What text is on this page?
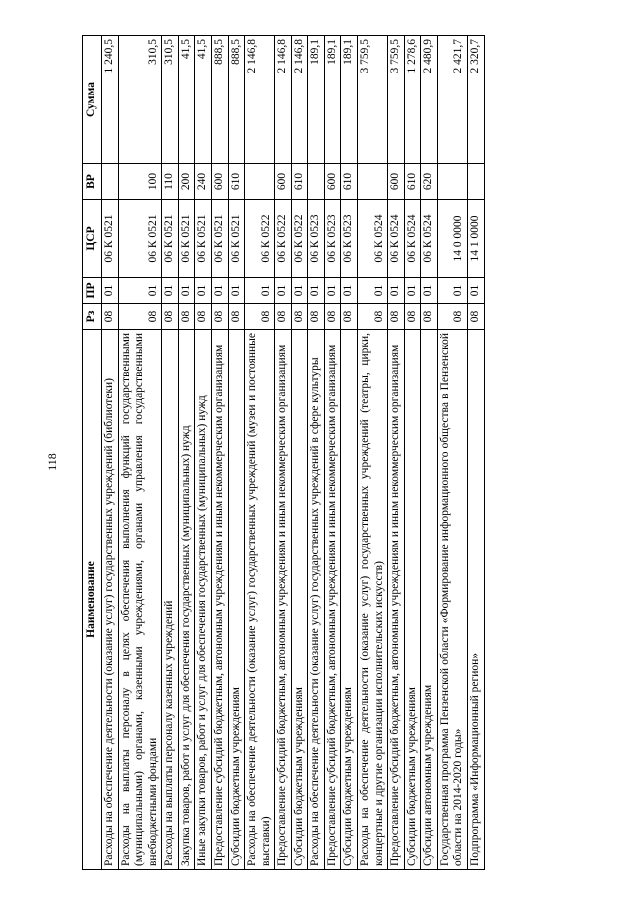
118
Наименование	Рз	ПР	ЦСР	ВР	Сумма
Расходы на обеспечение деятельности (оказание услуг) государственных учреждений (библиотеки)	08	01	06 К 0521		1 240,5
Расходы на выплаты персоналу в целях обеспечения выполнения функций государственными (муниципальными) органами, казенными учреждениями, органами управления государственными внебюджетными фондами	08	01	06 К 0521	100	310,5
Расходы на выплаты персоналу казенных учреждений	08	01	06 К 0521	110	310,5
Закупка товаров, работ и услуг для обеспечения государственных (муниципальных) нужд	08	01	06 К 0521	200	41,5
Иные закупки товаров, работ и услуг для обеспечения государственных (муниципальных) нужд	08	01	06 К 0521	240	41,5
Предоставление субсидий бюджетным, автономным учреждениям и иным некоммерческим организациям	08	01	06 К 0521	600	888,5
Субсидии бюджетным учреждениям	08	01	06 К 0521	610	888,5
Расходы на обеспечение деятельности (оказание услуг) государственных учреждений (музеи и постоянные выставки)	08	01	06 К 0522		2 146,8
Предоставление субсидий бюджетным, автономным учреждениям и иным некоммерческим организациям	08	01	06 К 0522	600	2 146,8
Субсидии бюджетным учреждениям	08	01	06 К 0522	610	2 146,8
Расходы на обеспечение деятельности (оказание услуг) государственных учреждений в сфере культуры	08	01	06 К 0523		189,1
Предоставление субсидий бюджетным, автономным учреждениям и иным некоммерческим организациям	08	01	06 К 0523	600	189,1
Субсидии бюджетным учреждениям	08	01	06 К 0523	610	189,1
Расходы на обеспечение деятельности (оказание услуг) государственных учреждений (театры, цирки, концертные и другие организации исполнительских искусств)	08	01	06 К 0524		3 759,5
Предоставление субсидий бюджетным, автономным учреждениям и иным некоммерческим организациям	08	01	06 К 0524	600	3 759,5
Субсидии бюджетным учреждениям	08	01	06 К 0524	610	1 278,6
Субсидии автономным учреждениям	08	01	06 К 0524	620	2 480,9
Государственная программа Пензенской области «Формирование информационного общества в Пензенской области на 2014-2020 годы»	08	01	14 0 0000		2 421,7
Подпрограмма «Информационный регион»	08	01	14 1 0000		2 320,7
